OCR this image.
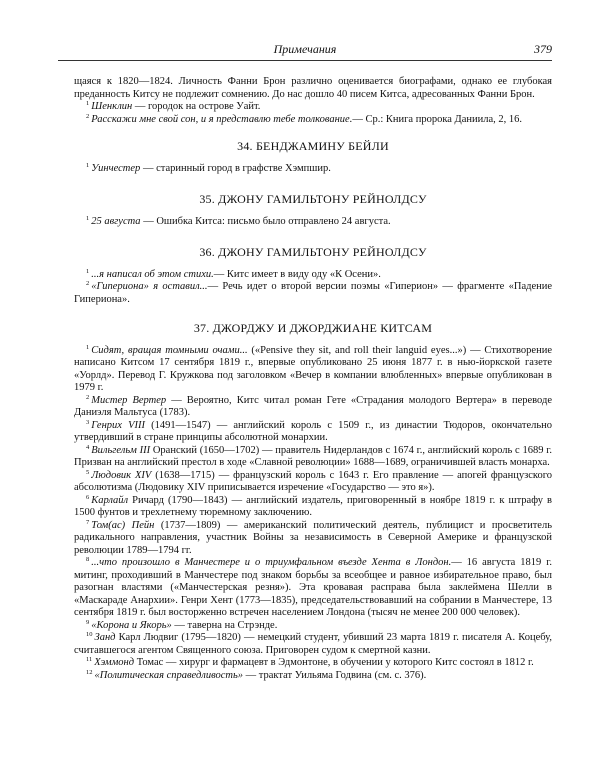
Примечания	379

щаяся к 1820—1824. Личность Фанни Брон различно оценивается биографами, однако ее глубокая преданность Китсу не подлежит сомнению. До нас дошло 40 писем Китса, адресованных Фанни Брон.

$^1$ Шенклин — городок на острове Уайт.

$^2$ Расскажи мне свой сон, и я представлю тебе толкование.— Ср.: Книга пророка Даниила, 2, 16.

34. БЕНДЖАМИНУ БЕЙЛИ

$^1$ Уинчестер — старинный город в графстве Хэмпшир.

35. ДЖОНУ ГАМИЛЬТОНУ РЕЙНОЛДСУ

$^1$ 25 августа — Ошибка Китса: письмо было отправлено 24 августа.

36. ДЖОНУ ГАМИЛЬТОНУ РЕЙНОЛДСУ

$^1$ ...я написал об этом стихи.— Китс имеет в виду оду «К Осени».

$^2$ «Гипериона» я оставил...— Речь идет о второй версии поэмы «Гиперион» — фрагменте «Падение Гипериона».

37. ДЖОРДЖУ И ДЖОРДЖИАНЕ КИТСАМ

$^1$ Сидят, вращая томными очами... («Pensive they sit, and roll their languid eyes...») — Стихотворение написано Китсом 17 сентября 1819 г., впервые опубликовано 25 июня 1877 г. в нью-йоркской газете «Уорлд». Перевод Г. Кружкова под заголовком «Вечер в компании влюбленных» впервые опубликован в 1979 г.

$^2$ Мистер Вертер — Вероятно, Китс читал роман Гете «Страдания молодого Вертера» в переводе Даниэля Мальтуса (1783).

$^3$ Генрих VIII (1491—1547) — английский король с 1509 г., из династии Тюдоров, окончательно утвердивший в стране принципы абсолютной монархии.

$^4$ Вильгельм III Оранский (1650—1702) — правитель Нидерландов с 1674 г., английский король с 1689 г. Призван на английский престол в ходе «Славной революции» 1688—1689, ограничившей власть монарха.

$^5$ Людовик XIV (1638—1715) — французский король с 1643 г. Его правление — апогей французского абсолютизма (Людовику XIV приписывается изречение «Государство — это я»).

$^6$ Карлайл Ричард (1790—1843) — английский издатель, приговоренный в ноябре 1819 г. к штрафу в 1500 фунтов и трехлетнему тюремному заключению.

$^7$ Том(ас) Пейн (1737—1809) — американский политический деятель, публицист и просветитель радикального направления, участник Войны за независимость в Северной Америке и французской революции 1789—1794 гг.

$^8$ ...что произошло в Манчестере и о триумфальном въезде Хента в Лондон.— 16 августа 1819 г. митинг, проходивший в Манчестере под знаком борьбы за всеобщее и равное избирательное право, был разогнан властями («Манчестерская резня»). Эта кровавая расправа была заклеймена Шелли в «Маскараде Анархии». Генри Хент (1773—1835), председательствовавший на собрании в Манчестере, 13 сентября 1819 г. был восторженно встречен населением Лондона (тысяч не менее 200 000 человек).

$^9$ «Корона и Якорь» — таверна на Стрэнде.

$^{10}$ Занд Карл Людвиг (1795—1820) — немецкий студент, убивший 23 марта 1819 г. писателя А. Коцебу, считавшегося агентом Священного союза. Приговорен судом к смертной казни.

$^{11}$ Хэммонд Томас — хирург и фармацевт в Эдмонтоне, в обучении у которого Китс состоял в 1812 г.

$^{12}$ «Политическая справедливость» — трактат Уильяма Годвина (см. с. 376).
